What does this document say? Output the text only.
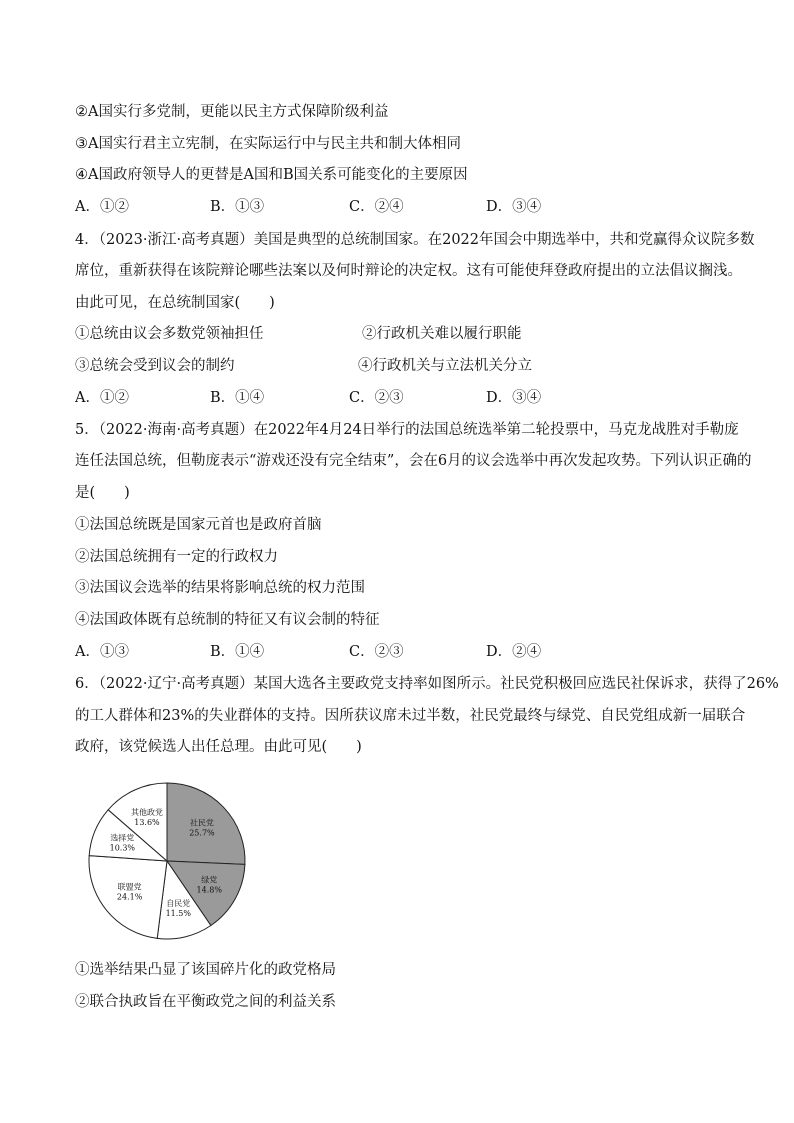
②A国实行多党制，更能以民主方式保障阶级利益
③A国实行君主立宪制，在实际运行中与民主共和制大体相同
④A国政府领导人的更替是A国和B国关系可能变化的主要原因
A．①②	B．①③	C．②④	D．③④
4．（2023·浙江·高考真题）美国是典型的总统制国家。在2022年国会中期选举中，共和党赢得众议院多数
席位，重新获得在该院辩论哪些法案以及何时辩论的决定权。这有可能使拜登政府提出的立法倡议搁浅。
由此可见，在总统制国家(　　)
①总统由议会多数党领袖担任	②行政机关难以履行职能
③总统会受到议会的制约	④行政机关与立法机关分立
A．①②	B．①④	C．②③	D．③④
5．（2022·海南·高考真题）在2022年4月24日举行的法国总统选举第二轮投票中，马克龙战胜对手勒庞
连任法国总统，但勒庞表示“游戏还没有完全结束”，会在6月的议会选举中再次发起攻势。下列认识正确的
是(　　)
①法国总统既是国家元首也是政府首脑
②法国总统拥有一定的行政权力
③法国议会选举的结果将影响总统的权力范围
④法国政体既有总统制的特征又有议会制的特征
A．①③	B．①④	C．②③	D．②④
6．（2022·辽宁·高考真题）某国大选各主要政党支持率如图所示。社民党积极回应选民社保诉求，获得了26%
的工人群体和23%的失业群体的支持。因所获议席未过半数，社民党最终与绿党、自民党组成新一届联合
政府，该党候选人出任总理。由此可见(　　)
社民党
25.7%
绿党
14.8%
自民党
11.5%
联盟党
24.1%
选择党
10.3%
其他政党
13.6%
①选举结果凸显了该国碎片化的政党格局
②联合执政旨在平衡政党之间的利益关系
